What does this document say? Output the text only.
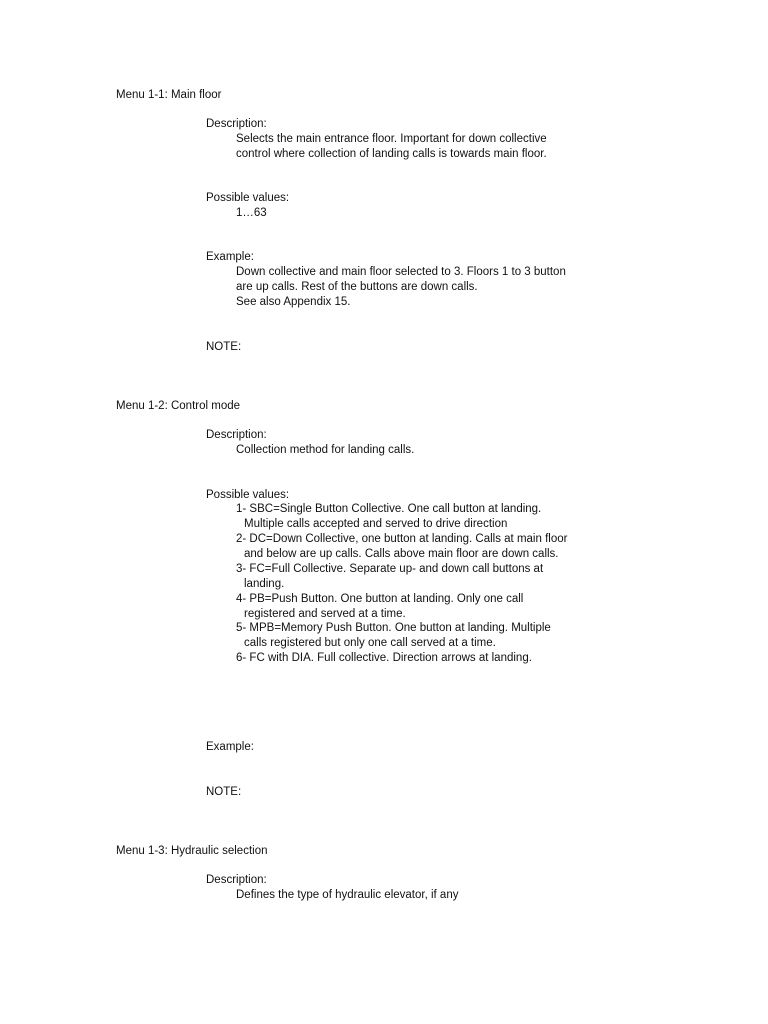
Menu 1-1: Main floor
Description:
Selects the main entrance floor. Important for down collective
control where collection of landing calls is towards main floor.
Possible values:
1…63
Example:
Down collective and main floor selected to 3. Floors 1 to 3 button
are up calls. Rest of the buttons are down calls.
See also Appendix 15.
NOTE:
Menu 1-2: Control mode
Description:
Collection method for landing calls.
Possible values:
1- SBC=Single Button Collective. One call button at landing.
Multiple calls accepted and served to drive direction
2- DC=Down Collective, one button at landing. Calls at main floor
and below are up calls. Calls above main floor are down calls.
3- FC=Full Collective. Separate up- and down call buttons at
landing.
4- PB=Push Button. One button at landing. Only one call
registered and served at a time.
5- MPB=Memory Push Button. One button at landing. Multiple
calls registered but only one call served at a time.
6- FC with DIA. Full collective. Direction arrows at landing.
Example:
NOTE:
Menu 1-3: Hydraulic selection
Description:
Defines the type of hydraulic elevator, if any
